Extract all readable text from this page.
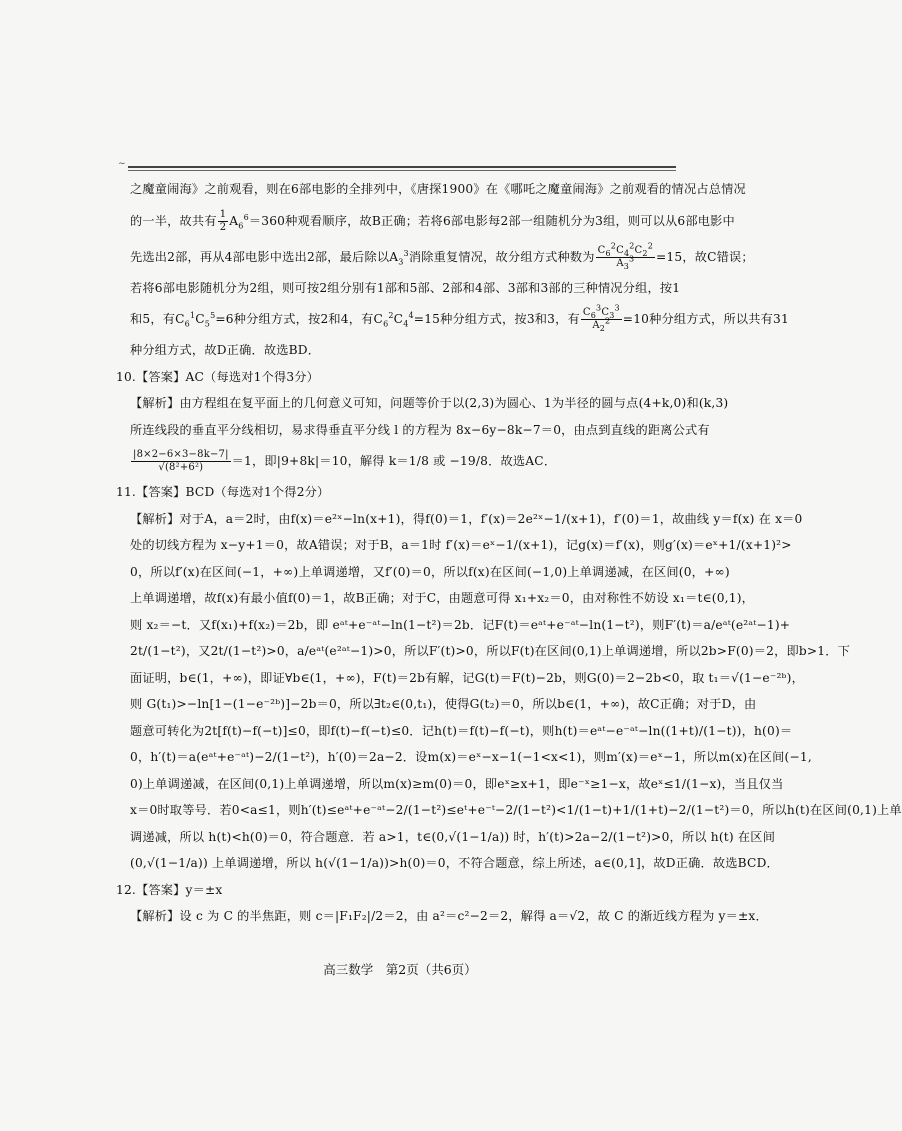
~
之魔童闹海》之前观看，则在6部电影的全排列中，《唐探1900》在《哪吒之魔童闹海》之前观看的情况占总情况
的一半，故共有 $\frac{1}{2} A_6^6=360$种观看顺序，故B正确；若将6部电影每2部一组随机分为3组，则可以从6部电影中
先选出2部，再从4部电影中选出2部，最后除以$A_3^3$消除重复情况，故分组方式种数为 $\frac{C_6^2C_4^2C_2^2}{A_3^3} =15$，故C错误；
若将6部电影随机分为2组，则可按2组分别有1部和5部、2部和4部、3部和3部的三种情况分组，按1
和5，有$C_6^1C_5^5=6$种分组方式，按2和4，有$C_6^2C_4^4=15$种分组方式，按3和3，有 $\frac{C_6^3C_3^3}{A_2^2} =10$种分组方式，所以共有31
种分组方式，故D正确．故选BD．
10.【答案】AC（每选对1个得3分）
【解析】由方程组在复平面上的几何意义可知，问题等价于以(2,3)为圆心、1为半径的圆与点(4+k,0)和(k,3)
所连线段的垂直平分线相切，易求得垂直平分线 l 的方程为 8x−6y−8k−7＝0，由点到直线的距离公式有
$\frac{|8\times 2-6\times 3-8k-7|}{\text{√(8²+6²)}} =1$，即|9+8k|＝10，解得 k＝1/8 或 −19/8．故选AC．
11.【答案】BCD（每选对1个得2分）
【解析】对于A，a＝2时，由f(x)＝e²ˣ−ln(x+1)，得f(0)＝1，f′(x)＝2e²ˣ−1/(x+1)，f′(0)＝1，故曲线 y＝f(x) 在 x＝0
处的切线方程为 x−y+1＝0，故A错误；对于B，a＝1时 f′(x)＝eˣ−1/(x+1)，记g(x)＝f′(x)，则g′(x)＝eˣ+1/(x+1)²>
0，所以f′(x)在区间(−1，+∞)上单调递增，又f′(0)＝0，所以f(x)在区间(−1,0)上单调递减，在区间(0，+∞)
上单调递增，故f(x)有最小值f(0)＝1，故B正确；对于C，由题意可得 x₁+x₂＝0，由对称性不妨设 x₁＝t∈(0,1)，
则 x₂＝−t．又f(x₁)+f(x₂)＝2b，即 eᵃᵗ+e⁻ᵃᵗ−ln(1−t²)＝2b．记F(t)＝eᵃᵗ+e⁻ᵃᵗ−ln(1−t²)，则F′(t)＝a/eᵃᵗ(e²ᵃᵗ−1)+
2t/(1−t²)，又2t/(1−t²)>0，a/eᵃᵗ(e²ᵃᵗ−1)>0，所以F′(t)>0，所以F(t)在区间(0,1)上单调递增，所以2b>F(0)＝2，即b>1．下
面证明，b∈(1，+∞)，即证∀b∈(1，+∞)，F(t)＝2b有解，记G(t)＝F(t)−2b，则G(0)＝2−2b<0，取 t₁＝√(1−e⁻²ᵇ)，
则 G(t₁)>−ln[1−(1−e⁻²ᵇ)]−2b＝0，所以∃t₂∈(0,t₁)，使得G(t₂)＝0，所以b∈(1，+∞)，故C正确；对于D，由
题意可转化为2t[f(t)−f(−t)]≤0，即f(t)−f(−t)≤0．记h(t)＝f(t)−f(−t)，则h(t)＝eᵃᵗ−e⁻ᵃᵗ−ln((1+t)/(1−t))，h(0)＝
0，h′(t)＝a(eᵃᵗ+e⁻ᵃᵗ)−2/(1−t²)，h′(0)＝2a−2．设m(x)＝eˣ−x−1(−1<x<1)，则m′(x)＝eˣ−1，所以m(x)在区间(−1,
0)上单调递减，在区间(0,1)上单调递增，所以m(x)≥m(0)＝0，即eˣ≥x+1，即e⁻ˣ≥1−x，故eˣ≤1/(1−x)，当且仅当
x＝0时取等号．若0<a≤1，则h′(t)≤eᵃᵗ+e⁻ᵃᵗ−2/(1−t²)≤eᵗ+e⁻ᵗ−2/(1−t²)<1/(1−t)+1/(1+t)−2/(1−t²)＝0，所以h(t)在区间(0,1)上单
调递减，所以 h(t)<h(0)＝0，符合题意．若 a>1，t∈(0,√(1−1/a)) 时，h′(t)>2a−2/(1−t²)>0，所以 h(t) 在区间
(0,√(1−1/a)) 上单调递增，所以 h(√(1−1/a))>h(0)＝0，不符合题意，综上所述，a∈(0,1]，故D正确．故选BCD．
12.【答案】y＝±x
【解析】设 c 为 C 的半焦距，则 c＝|F₁F₂|/2＝2，由 a²＝c²−2＝2，解得 a＝√2，故 C 的渐近线方程为 y＝±x．
高三数学　第2页（共6页）
